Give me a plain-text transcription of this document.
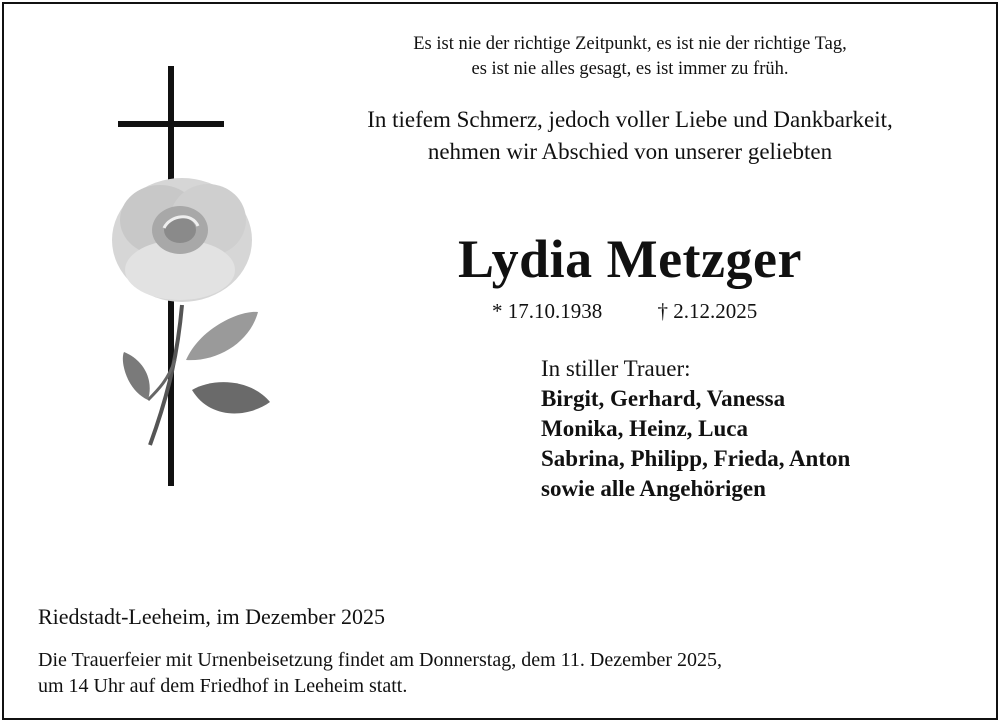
Es ist nie der richtige Zeitpunkt, es ist nie der richtige Tag,
es ist nie alles gesagt, es ist immer zu früh.
In tiefem Schmerz, jedoch voller Liebe und Dankbarkeit,
nehmen wir Abschied von unserer geliebten
Lydia Metzger
* 17.10.1938	† 2.12.2025
In stiller Trauer:
Birgit, Gerhard, Vanessa
Monika, Heinz, Luca
Sabrina, Philipp, Frieda, Anton
sowie alle Angehörigen
Riedstadt-Leeheim, im Dezember 2025
Die Trauerfeier mit Urnenbeisetzung findet am Donnerstag, dem 11. Dezember 2025,
um 14 Uhr auf dem Friedhof in Leeheim statt.
